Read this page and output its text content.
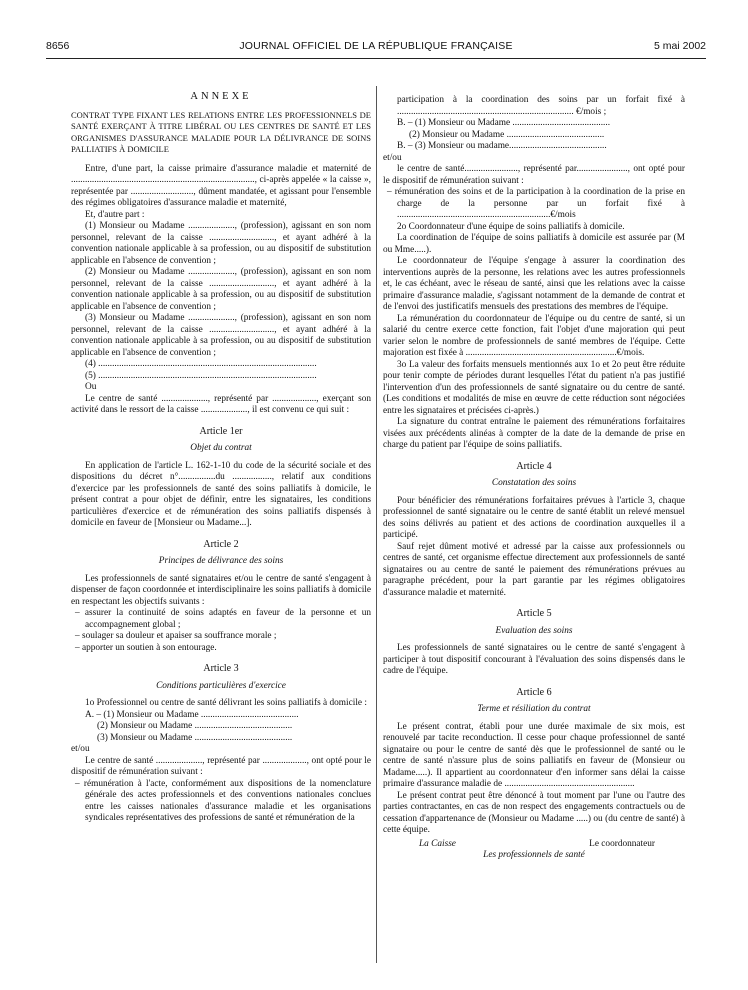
8656	JOURNAL OFFICIEL DE LA RÉPUBLIQUE FRANÇAISE	5 mai 2002

ANNEXE

CONTRAT TYPE FIXANT LES RELATIONS ENTRE LES PROFESSIONNELS DE SANTÉ EXERÇANT À TITRE LIBÉRAL OU LES CENTRES DE SANTÉ ET LES ORGANISMES D'ASSURANCE MALADIE POUR LA DÉLIVRANCE DE SOINS PALLIATIFS À DOMICILE

Entre, d'une part, la caisse primaire d'assurance maladie et maternité de ..............................................................................., ci-après appelée « la caisse », représentée par ..........................., dûment mandatée, et agissant pour l'ensemble des régimes obligatoires d'assurance maladie et maternité,

Et, d'autre part :

(1) Monsieur ou Madame ...................., (profession), agissant en son nom personnel, relevant de la caisse ............................, et ayant adhéré à la convention nationale applicable à sa profession, ou au dispositif de substitution applicable en l'absence de convention ;

(2) Monsieur ou Madame ...................., (profession), agissant en son nom personnel, relevant de la caisse ............................, et ayant adhéré à la convention nationale applicable à sa profession, ou au dispositif de substitution applicable en l'absence de convention ;

(3) Monsieur ou Madame ...................., (profession), agissant en son nom personnel, relevant de la caisse ............................, et ayant adhéré à la convention nationale applicable à sa profession, ou au dispositif de substitution applicable en l'absence de convention ;

(4) ..............................................................................................

(5) ..............................................................................................

Ou

Le centre de santé ...................., représenté par ..................., exerçant son activité dans le ressort de la caisse ...................., il est convenu ce qui suit :

Article 1er

Objet du contrat

En application de l'article L. 162-1-10 du code de la sécurité sociale et des dispositions du décret n°................du ................., relatif aux conditions d'exercice par les professionnels de santé des soins palliatifs à domicile, le présent contrat a pour objet de définir, entre les signataires, les conditions particulières d'exercice et de rémunération des soins palliatifs dispensés à domicile en faveur de [Monsieur ou Madame...].

Article 2

Principes de délivrance des soins

Les professionnels de santé signataires et/ou le centre de santé s'engagent à dispenser de façon coordonnée et interdisciplinaire les soins palliatifs à domicile en respectant les objectifs suivants :

– assurer la continuité de soins adaptés en faveur de la personne et un accompagnement global ;

– soulager sa douleur et apaiser sa souffrance morale ;

– apporter un soutien à son entourage.

Article 3

Conditions particulières d'exercice

1o Professionnel ou centre de santé délivrant les soins palliatifs à domicile :

A. – (1) Monsieur ou Madame ..........................................

(2) Monsieur ou Madame ..........................................

(3) Monsieur ou Madame ..........................................

et/ou

Le centre de santé ...................., représenté par ..................., ont opté pour le dispositif de rémunération suivant :

– rémunération à l'acte, conformément aux dispositions de la nomenclature générale des actes professionnels et des conventions nationales conclues entre les caisses nationales d'assurance maladie et les organisations syndicales représentatives des professions de santé et rémunération de la

participation à la coordination des soins par un forfait fixé à ............................................................................ €/mois ;

B. – (1) Monsieur ou Madame ..........................................

(2) Monsieur ou Madame ..........................................

B. – (3) Monsieur ou madame..........................................

et/ou

le centre de santé......................., représenté par......................, ont opté pour le dispositif de rémunération suivant :

– rémunération des soins et de la participation à la coordination de la prise en charge de la personne par un forfait fixé à ..................................................................€/mois

2o Coordonnateur d'une équipe de soins palliatifs à domicile.

La coordination de l'équipe de soins palliatifs à domicile est assurée par (M ou Mme.....).

Le coordonnateur de l'équipe s'engage à assurer la coordination des interventions auprès de la personne, les relations avec les autres professionnels et, le cas échéant, avec le réseau de santé, ainsi que les relations avec la caisse primaire d'assurance maladie, s'agissant notamment de la demande de contrat et de l'envoi des justificatifs mensuels des prestations des membres de l'équipe.

La rémunération du coordonnateur de l'équipe ou du centre de santé, si un salarié du centre exerce cette fonction, fait l'objet d'une majoration qui peut varier selon le nombre de professionnels de santé membres de l'équipe. Cette majoration est fixée à .................................................................€/mois.

3o La valeur des forfaits mensuels mentionnés aux 1o et 2o peut être réduite pour tenir compte de périodes durant lesquelles l'état du patient n'a pas justifié l'intervention d'un des professionnels de santé signataire ou du centre de santé. (Les conditions et modalités de mise en œuvre de cette réduction sont négociées entre les signataires et précisées ci-après.)

La signature du contrat entraîne le paiement des rémunérations forfaitaires visées aux précédents alinéas à compter de la date de la demande de prise en charge du patient par l'équipe de soins palliatifs.

Article 4

Constatation des soins

Pour bénéficier des rémunérations forfaitaires prévues à l'article 3, chaque professionnel de santé signataire ou le centre de santé établit un relevé mensuel des soins délivrés au patient et des actions de coordination auxquelles il a participé.

Sauf rejet dûment motivé et adressé par la caisse aux professionnels ou centres de santé, cet organisme effectue directement aux professionnels de santé signataires ou au centre de santé le paiement des rémunérations prévues au paragraphe précédent, pour la part garantie par les régimes obligatoires d'assurance maladie et maternité.

Article 5

Evaluation des soins

Les professionnels de santé signataires ou le centre de santé s'engagent à participer à tout dispositif concourant à l'évaluation des soins dispensés dans le cadre de l'équipe.

Article 6

Terme et résiliation du contrat

Le présent contrat, établi pour une durée maximale de six mois, est renouvelé par tacite reconduction. Il cesse pour chaque professionnel de santé signataire ou pour le centre de santé dès que le professionnel de santé ou le centre de santé n'assure plus de soins palliatifs en faveur de (Monsieur ou Madame.....). Il appartient au coordonnateur d'en informer sans délai la caisse primaire d'assurance maladie de ........................................................

Le présent contrat peut être dénoncé à tout moment par l'une ou l'autre des parties contractantes, en cas de non respect des engagements contractuels ou de cessation d'appartenance de (Monsieur ou Madame .....) ou (du centre de santé) à cette équipe.

La Caisse	Le coordonnateur

Les professionnels de santé
